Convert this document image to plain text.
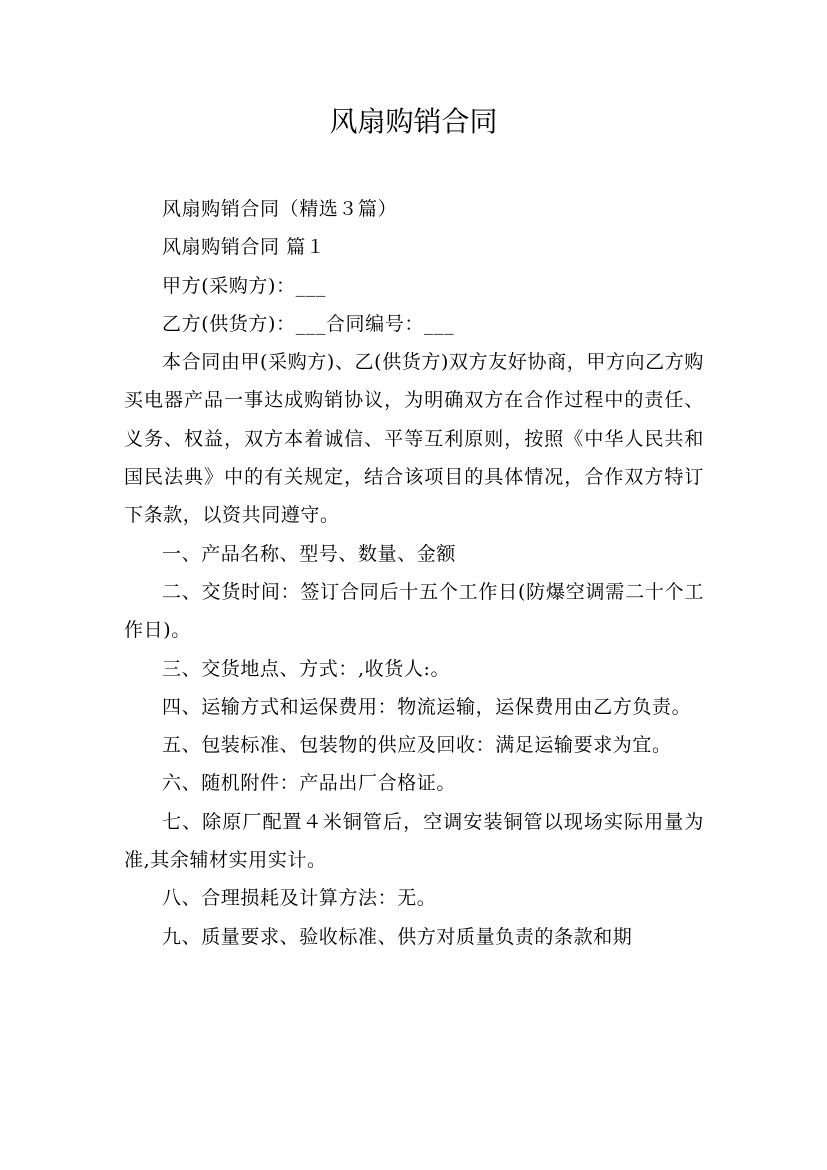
风扇购销合同

风扇购销合同（精选３篇）

风扇购销合同 篇１

甲方(采购方)：___

乙方(供货方)：___合同编号：___

本合同由甲(采购方)、乙(供货方)双方友好协商，甲方向乙方购买电器产品一事达成购销协议，为明确双方在合作过程中的责任、义务、权益，双方本着诚信、平等互利原则，按照《中华人民共和国民法典》中的有关规定，结合该项目的具体情况，合作双方特订下条款，以资共同遵守。

一、产品名称、型号、数量、金额

二、交货时间：签订合同后十五个工作日(防爆空调需二十个工作日)。

三、交货地点、方式：,收货人:。

四、运输方式和运保费用：物流运输，运保费用由乙方负责。

五、包装标准、包装物的供应及回收：满足运输要求为宜。

六、随机附件：产品出厂合格证。

七、除原厂配置４米铜管后，空调安装铜管以现场实际用量为准,其余辅材实用实计。

八、合理损耗及计算方法：无。

九、质量要求、验收标准、供方对质量负责的条款和期
